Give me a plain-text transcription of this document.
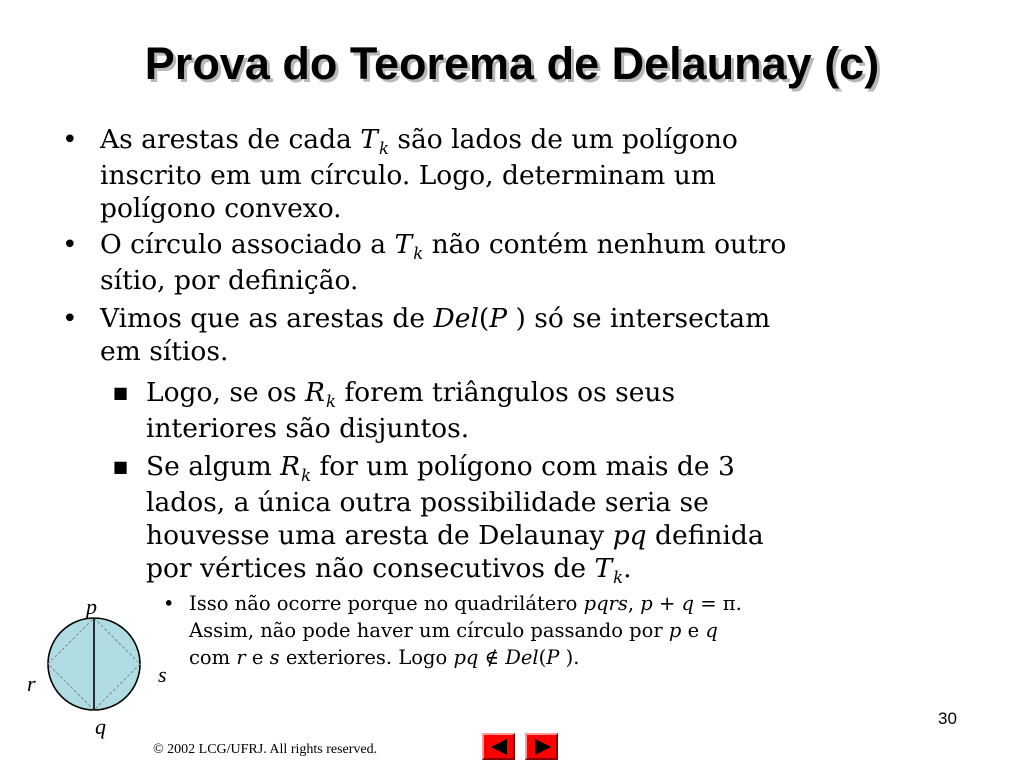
Prova do Teorema de Delaunay (c)
• As arestas de cada $T_k$ são lados de um polígono
inscrito em um círculo. Logo, determinam um
polígono convexo.
• O círculo associado a $T_k$ não contém nenhum outro
sítio, por definição.
• Vimos que as arestas de Del(P ) só se intersectam
em sítios.
■ Logo, se os $R_k$ forem triângulos os seus
interiores são disjuntos.
■ Se algum $R_k$ for um polígono com mais de 3
lados, a única outra possibilidade seria se
houvesse uma aresta de Delaunay pq definida
por vértices não consecutivos de $T_k$.
• Isso não ocorre porque no quadrilátero pqrs, p + q = π.
Assim, não pode haver um círculo passando por p e q
com r e s exteriores. Logo pq ∉ Del(P ).
p
q
r	s
30
© 2002 LCG/UFRJ. All rights reserved.
